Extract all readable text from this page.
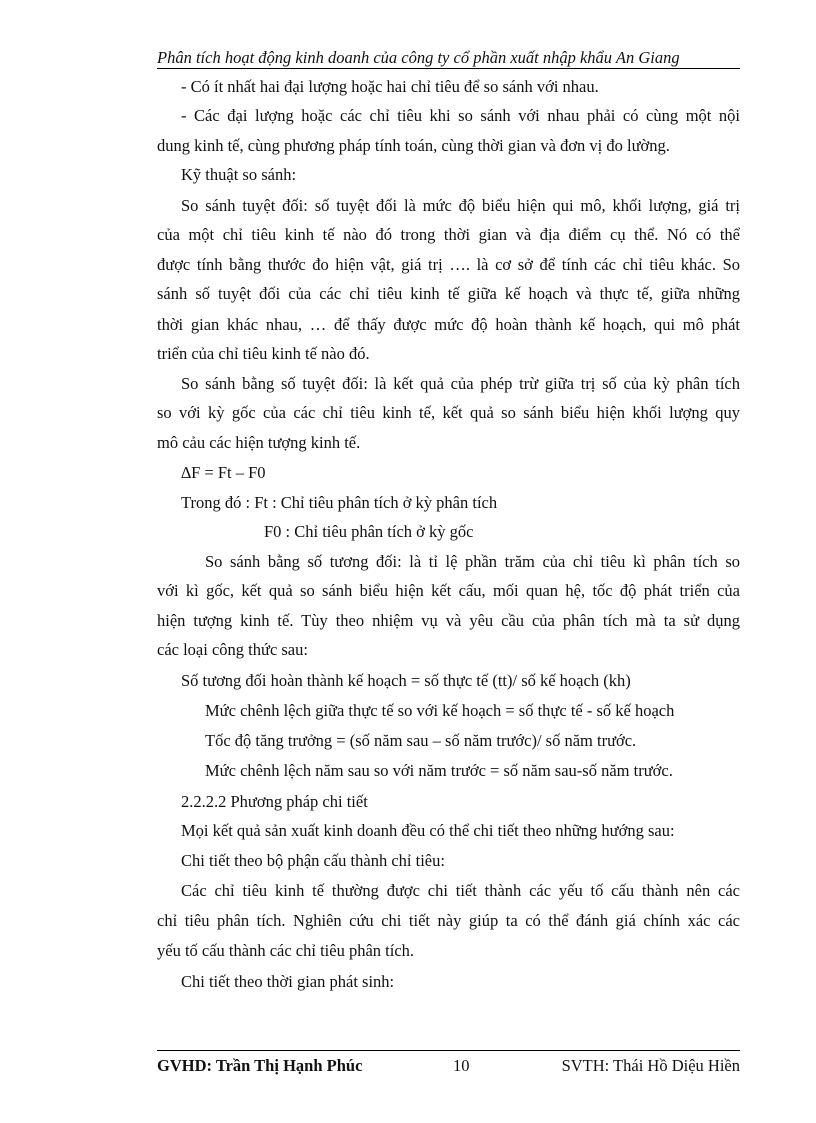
Phân tích hoạt động kinh doanh của công ty cổ phần xuất nhập khẩu An Giang
- Có ít nhất hai đại lượng hoặc hai chỉ tiêu để so sánh với nhau.
- Các đại lượng hoặc các chỉ tiêu khi so sánh với nhau phải có cùng một nội
dung kinh tế, cùng phương pháp tính toán, cùng thời gian và đơn vị đo lường.
Kỹ thuật so sánh:
So sánh tuyệt đối: số tuyệt đối là mức độ biểu hiện qui mô, khối lượng, giá trị
của một chỉ tiêu kinh tế nào đó trong thời gian và địa điểm cụ thể. Nó có thể
được tính bằng thước đo hiện vật, giá trị …. là cơ sở để tính các chỉ tiêu khác. So
sánh số tuyệt đối của các chỉ tiêu kinh tế giữa kế hoạch và thực tế, giữa những
thời gian khác nhau, … để thấy được mức độ hoàn thành kế hoạch, qui mô phát
triển của chỉ tiêu kinh tế nào đó.
So sánh bằng số tuyệt đối: là kết quả của phép trừ giữa trị số của kỳ phân tích
so với kỳ gốc của các chỉ tiêu kinh tế, kết quả so sánh biểu hiện khối lượng quy
mô cảu các hiện tượng kinh tế.
∆F = Ft – F0
Trong đó : Ft : Chỉ tiêu phân tích ở kỳ phân tích
F0 : Chỉ tiêu phân tích ở kỳ gốc
So sánh bằng số tương đối: là tỉ lệ phần trăm của chỉ tiêu kì phân tích so
với kì gốc, kết quả so sánh biểu hiện kết cấu, mối quan hệ, tốc độ phát triển của
hiện tượng kinh tế. Tùy theo nhiệm vụ và yêu cầu của phân tích mà ta sử dụng
các loại công thức sau:
Số tương đối hoàn thành kế hoạch = số thực tế (tt)/ số kế hoạch (kh)
Mức chênh lệch giữa thực tế so với kế hoạch = số thực tế - số kế hoạch
Tốc độ tăng trưởng = (số năm sau – số năm trước)/ số năm trước.
Mức chênh lệch năm sau so với năm trước = số năm sau-số năm trước.
2.2.2.2 Phương pháp chi tiết
Mọi kết quả sản xuất kinh doanh đều có thể chi tiết theo những hướng sau:
Chi tiết theo bộ phận cấu thành chỉ tiêu:
Các chỉ tiêu kinh tế thường được chi tiết thành các yếu tố cấu thành nên các
chỉ tiêu phân tích. Nghiên cứu chi tiết này giúp ta có thể đánh giá chính xác các
yếu tố cấu thành các chỉ tiêu phân tích.
Chi tiết theo thời gian phát sinh:
GVHD: Trần Thị Hạnh Phúc	10	SVTH: Thái Hồ Diệu Hiền
